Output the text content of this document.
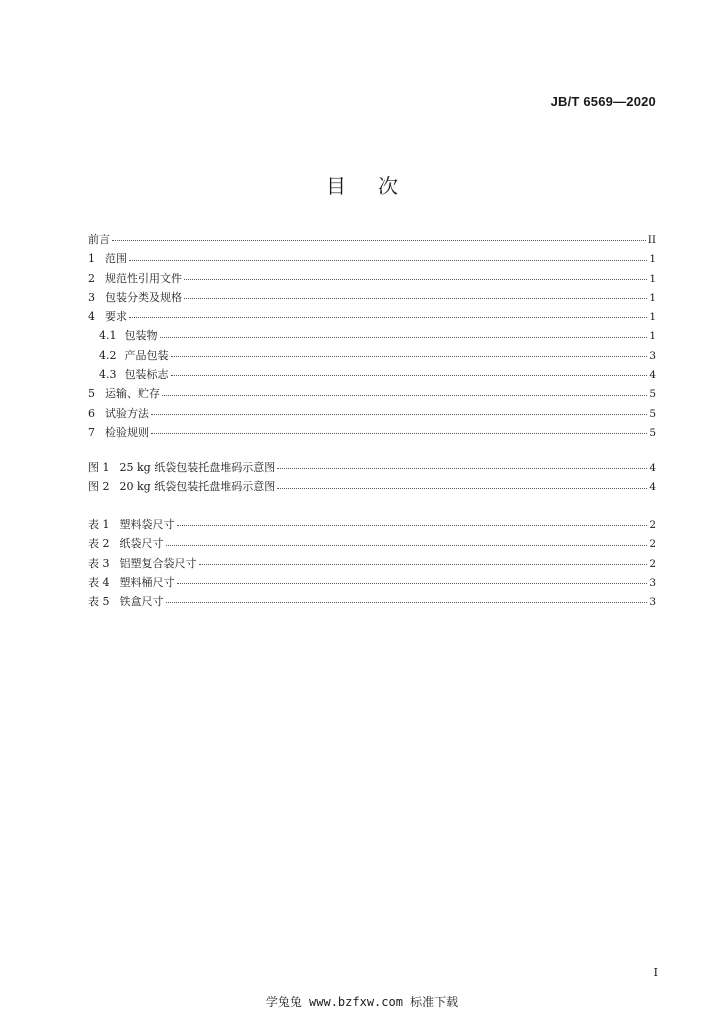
JB/T 6569—2020
目次
前言	II
1 范围	1
2 规范性引用文件	1
3 包装分类及规格	1
4 要求	1
4.1 包装物	1
4.2 产品包装	3
4.3 包装标志	4
5 运输、贮存	5
6 试验方法	5
7 检验规则	5
图 1 25 kg 纸袋包装托盘堆码示意图	4
图 2 20 kg 纸袋包装托盘堆码示意图	4
表 1 塑料袋尺寸	2
表 2 纸袋尺寸	2
表 3 铝塑复合袋尺寸	2
表 4 塑料桶尺寸	3
表 5 铁盒尺寸	3
I
学兔兔 www.bzfxw.com 标准下载
